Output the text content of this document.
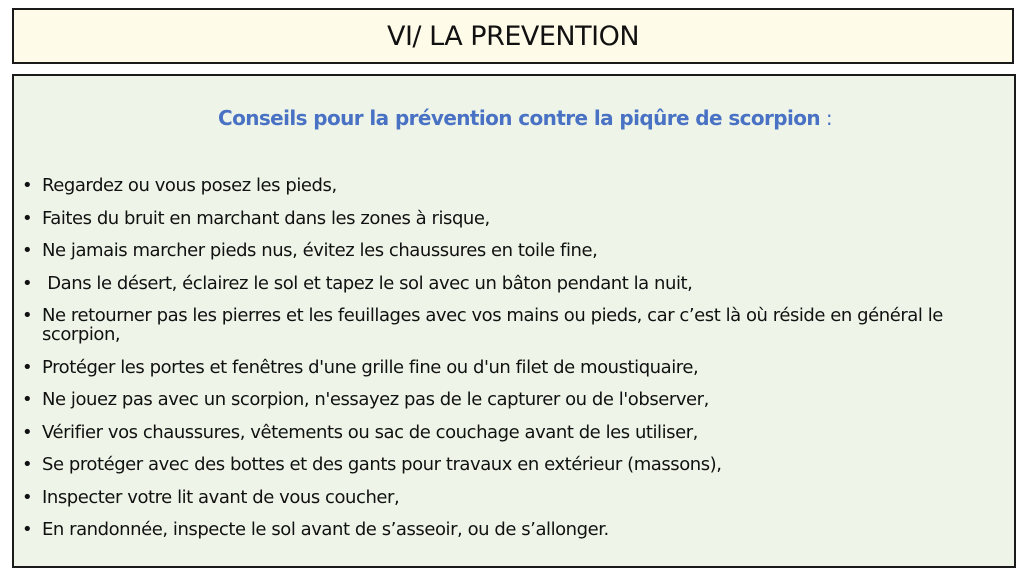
VI/ LA PREVENTION
Conseils pour la prévention contre la piqûre de scorpion :
• Regardez ou vous posez les pieds,
• Faites du bruit en marchant dans les zones à risque,
• Ne jamais marcher pieds nus, évitez les chaussures en toile fine,
• Dans le désert, éclairez le sol et tapez le sol avec un bâton pendant la nuit,
• Ne retourner pas les pierres et les feuillages avec vos mains ou pieds, car c’est là où réside en général le scorpion,
• Protéger les portes et fenêtres d'une grille fine ou d'un filet de moustiquaire,
• Ne jouez pas avec un scorpion, n'essayez pas de le capturer ou de l'observer,
• Vérifier vos chaussures, vêtements ou sac de couchage avant de les utiliser,
• Se protéger avec des bottes et des gants pour travaux en extérieur (massons),
• Inspecter votre lit avant de vous coucher,
• En randonnée, inspecte le sol avant de s’asseoir, ou de s’allonger.
